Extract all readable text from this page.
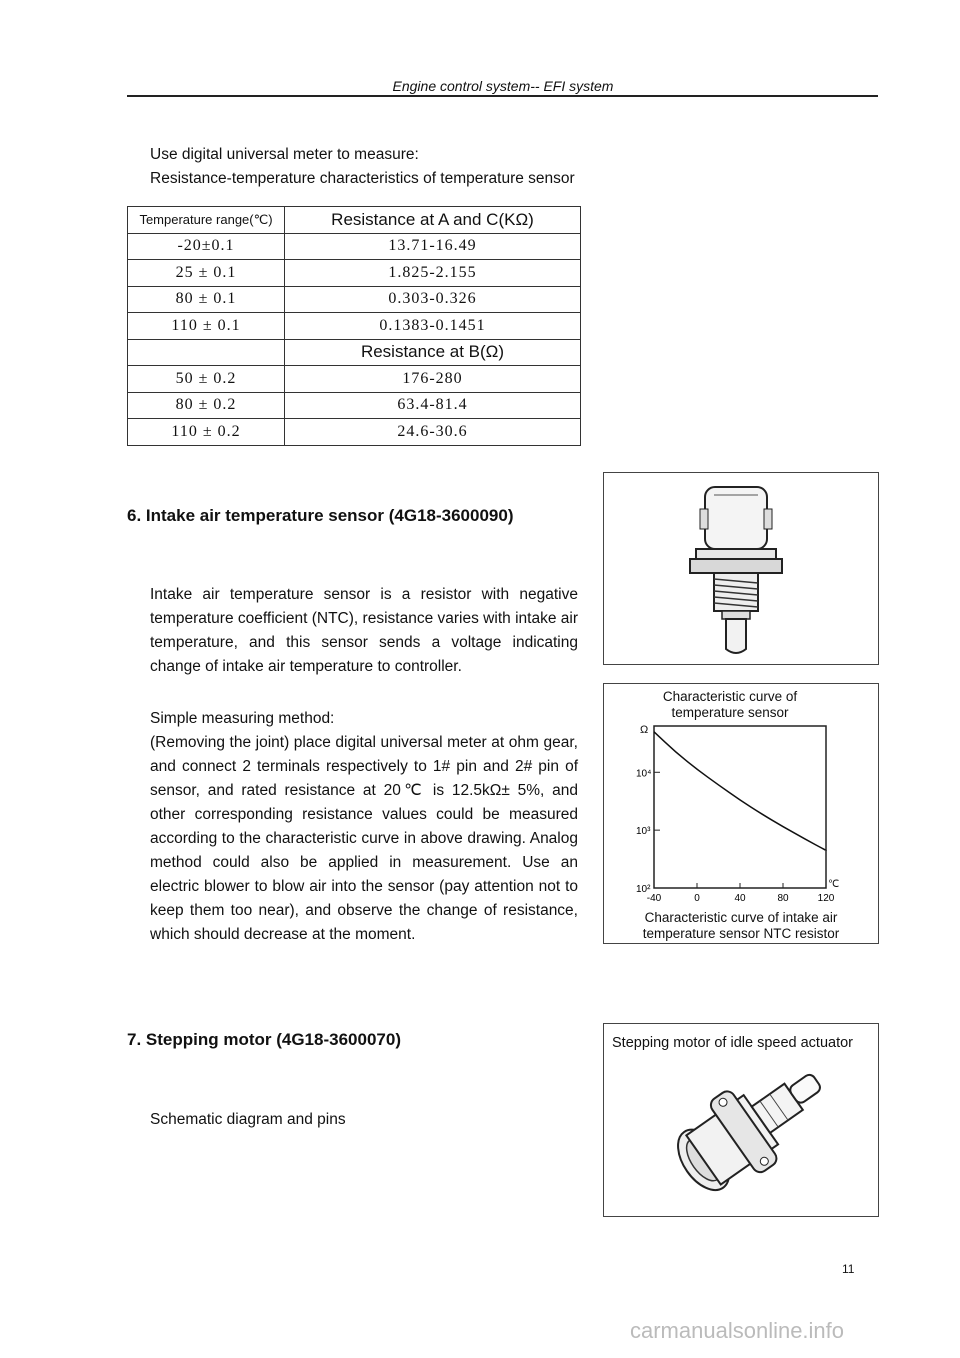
Engine control system-- EFI system
Use digital universal meter to measure:
Resistance-temperature characteristics of temperature sensor
Temperature range(℃)	Resistance at A and C(KΩ)
-20±0.1	13.71-16.49
25 ± 0.1	1.825-2.155
80 ± 0.1	0.303-0.326
110 ± 0.1	0.1383-0.1451
	Resistance at B(Ω)
50 ± 0.2	176-280
80 ± 0.2	63.4-81.4
110 ± 0.2	24.6-30.6
6. Intake air temperature sensor (4G18-3600090)
Intake air temperature sensor is a resistor with negative temperature coefficient (NTC), resistance varies with intake air temperature, and this sensor sends a voltage indicating change of intake air temperature to controller.
Simple measuring method:
(Removing the joint) place digital universal meter at ohm gear, and connect 2 terminals respectively to 1# pin and 2# pin of sensor, and rated resistance at 20℃ is 12.5kΩ± 5%, and other corresponding resistance values could be measured according to the characteristic curve in above drawing. Analog method could also be applied in measurement. Use an electric blower to blow air into the sensor (pay attention not to keep them too near), and observe the change of resistance, which should decrease at the moment.
Characteristic curve of temperature sensor
10²
10³
10⁴
-40	0	40	80	120
Ω
℃
Characteristic curve of intake air temperature sensor NTC resistor
7. Stepping motor (4G18-3600070)
Schematic diagram and pins
Stepping motor of idle speed actuator
11
carmanualsonline.info
